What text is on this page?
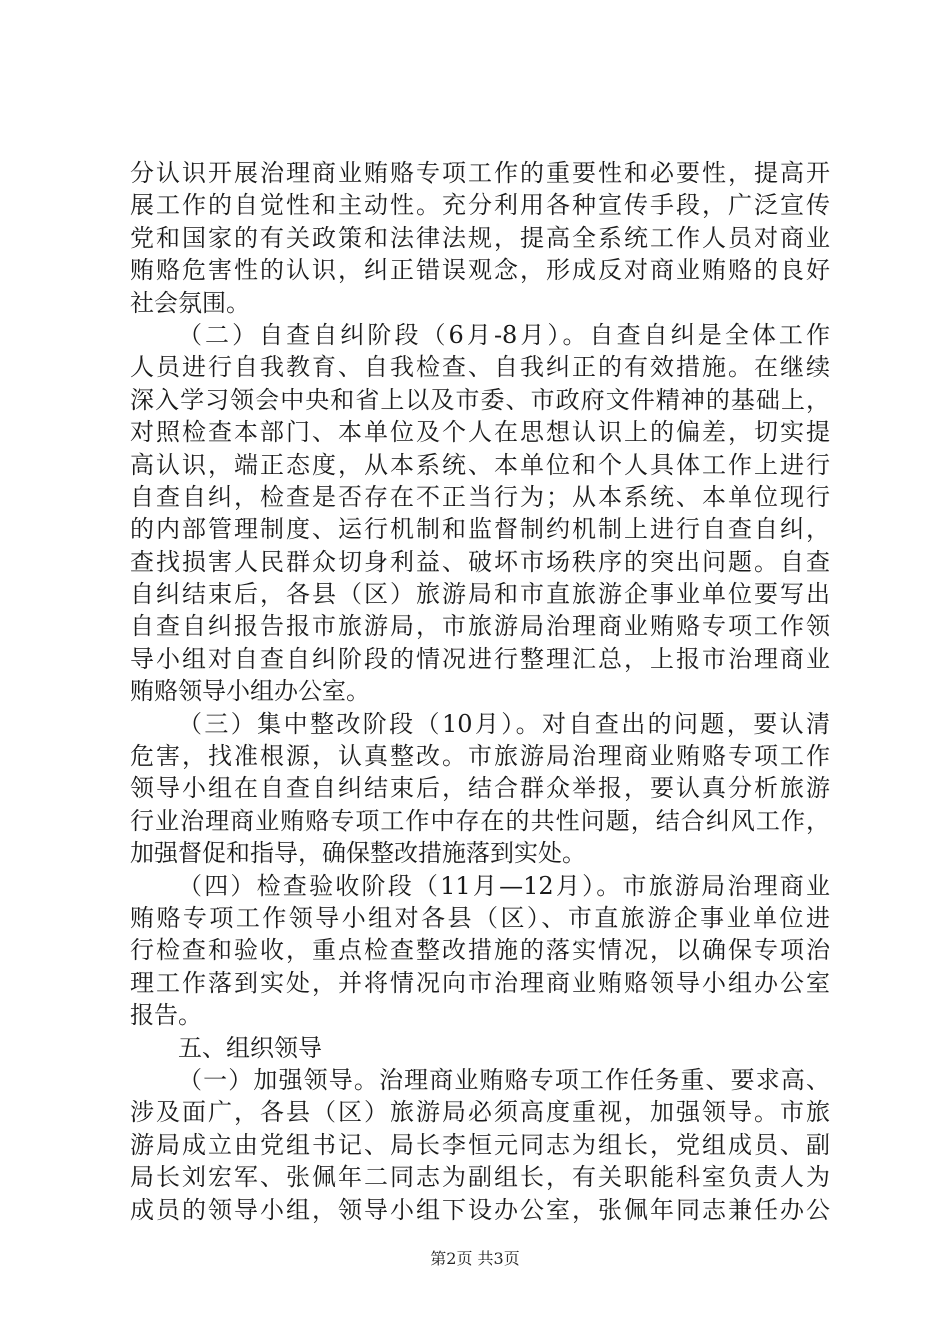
分认识开展治理商业贿赂专项工作的重要性和必要性，提高开
展工作的自觉性和主动性。充分利用各种宣传手段，广泛宣传
党和国家的有关政策和法律法规，提高全系统工作人员对商业
贿赂危害性的认识，纠正错误观念，形成反对商业贿赂的良好
社会氛围。
（二）自查自纠阶段（6月-8月）。自查自纠是全体工作
人员进行自我教育、自我检查、自我纠正的有效措施。在继续
深入学习领会中央和省上以及市委、市政府文件精神的基础上，
对照检查本部门、本单位及个人在思想认识上的偏差，切实提
高认识，端正态度，从本系统、本单位和个人具体工作上进行
自查自纠，检查是否存在不正当行为；从本系统、本单位现行
的内部管理制度、运行机制和监督制约机制上进行自查自纠，
查找损害人民群众切身利益、破坏市场秩序的突出问题。自查
自纠结束后，各县（区）旅游局和市直旅游企事业单位要写出
自查自纠报告报市旅游局，市旅游局治理商业贿赂专项工作领
导小组对自查自纠阶段的情况进行整理汇总，上报市治理商业
贿赂领导小组办公室。
（三）集中整改阶段（10月）。对自查出的问题，要认清
危害，找准根源，认真整改。市旅游局治理商业贿赂专项工作
领导小组在自查自纠结束后，结合群众举报，要认真分析旅游
行业治理商业贿赂专项工作中存在的共性问题，结合纠风工作，
加强督促和指导，确保整改措施落到实处。
（四）检查验收阶段（11月—12月）。市旅游局治理商业
贿赂专项工作领导小组对各县（区）、市直旅游企事业单位进
行检查和验收，重点检查整改措施的落实情况，以确保专项治
理工作落到实处，并将情况向市治理商业贿赂领导小组办公室
报告。
五、组织领导
（一）加强领导。治理商业贿赂专项工作任务重、要求高、
涉及面广，各县（区）旅游局必须高度重视，加强领导。市旅
游局成立由党组书记、局长李恒元同志为组长，党组成员、副
局长刘宏军、张佩年二同志为副组长，有关职能科室负责人为
成员的领导小组，领导小组下设办公室，张佩年同志兼任办公
第2页 共3页
